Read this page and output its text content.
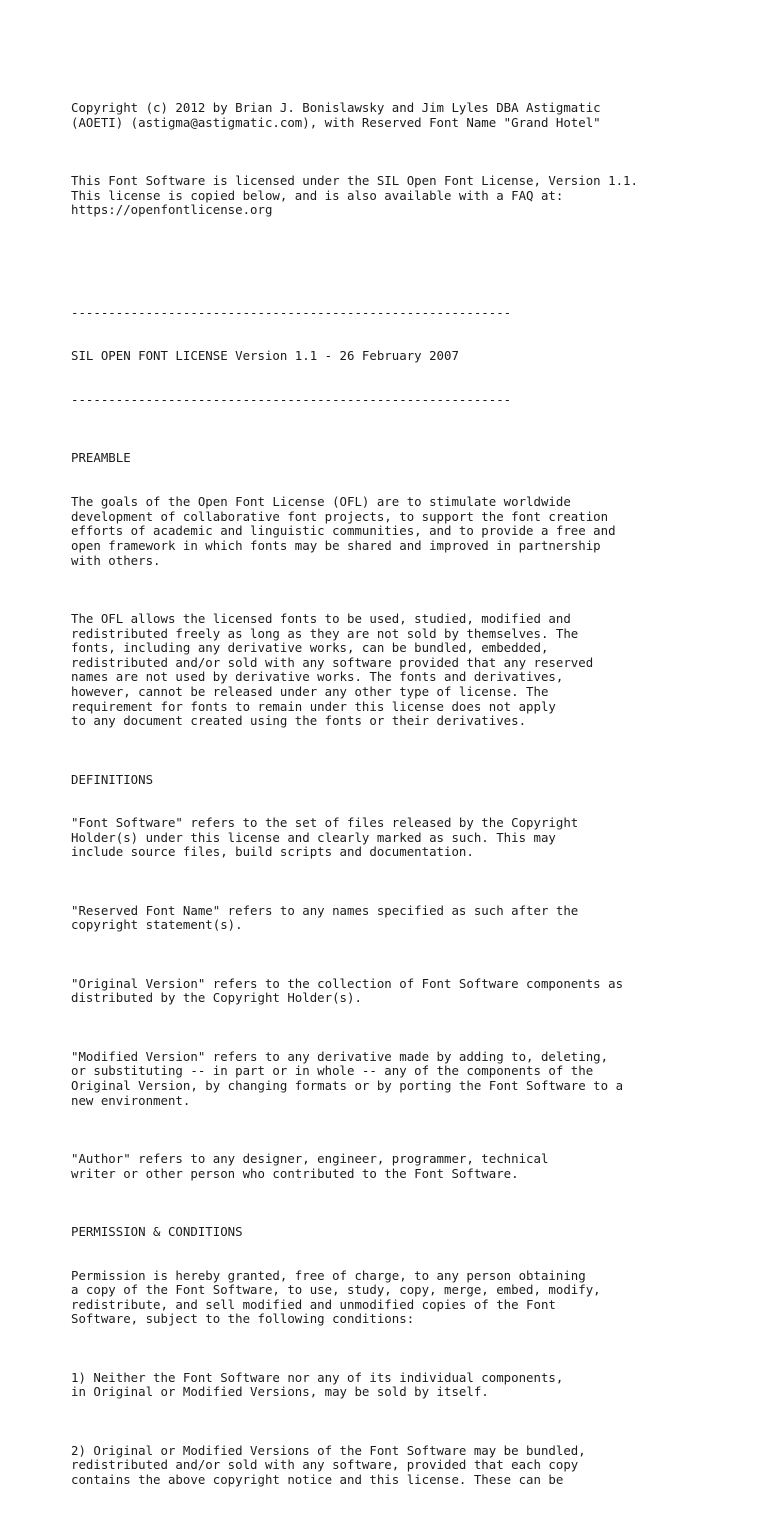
Copyright (c) 2012 by Brian J. Bonislawsky and Jim Lyles DBA Astigmatic
(AOETI) (astigma@astigmatic.com), with Reserved Font Name "Grand Hotel"

This Font Software is licensed under the SIL Open Font License, Version 1.1.
This license is copied below, and is also available with a FAQ at:
https://openfontlicense.org

-----------------------------------------------------------

SIL OPEN FONT LICENSE Version 1.1 - 26 February 2007

-----------------------------------------------------------

PREAMBLE

The goals of the Open Font License (OFL) are to stimulate worldwide
development of collaborative font projects, to support the font creation
efforts of academic and linguistic communities, and to provide a free and
open framework in which fonts may be shared and improved in partnership
with others.

The OFL allows the licensed fonts to be used, studied, modified and
redistributed freely as long as they are not sold by themselves. The
fonts, including any derivative works, can be bundled, embedded,
redistributed and/or sold with any software provided that any reserved
names are not used by derivative works. The fonts and derivatives,
however, cannot be released under any other type of license. The
requirement for fonts to remain under this license does not apply
to any document created using the fonts or their derivatives.

DEFINITIONS

"Font Software" refers to the set of files released by the Copyright
Holder(s) under this license and clearly marked as such. This may
include source files, build scripts and documentation.

"Reserved Font Name" refers to any names specified as such after the
copyright statement(s).

"Original Version" refers to the collection of Font Software components as
distributed by the Copyright Holder(s).

"Modified Version" refers to any derivative made by adding to, deleting,
or substituting -- in part or in whole -- any of the components of the
Original Version, by changing formats or by porting the Font Software to a
new environment.

"Author" refers to any designer, engineer, programmer, technical
writer or other person who contributed to the Font Software.

PERMISSION & CONDITIONS

Permission is hereby granted, free of charge, to any person obtaining
a copy of the Font Software, to use, study, copy, merge, embed, modify,
redistribute, and sell modified and unmodified copies of the Font
Software, subject to the following conditions:

1) Neither the Font Software nor any of its individual components,
in Original or Modified Versions, may be sold by itself.

2) Original or Modified Versions of the Font Software may be bundled,
redistributed and/or sold with any software, provided that each copy
contains the above copyright notice and this license. These can be
